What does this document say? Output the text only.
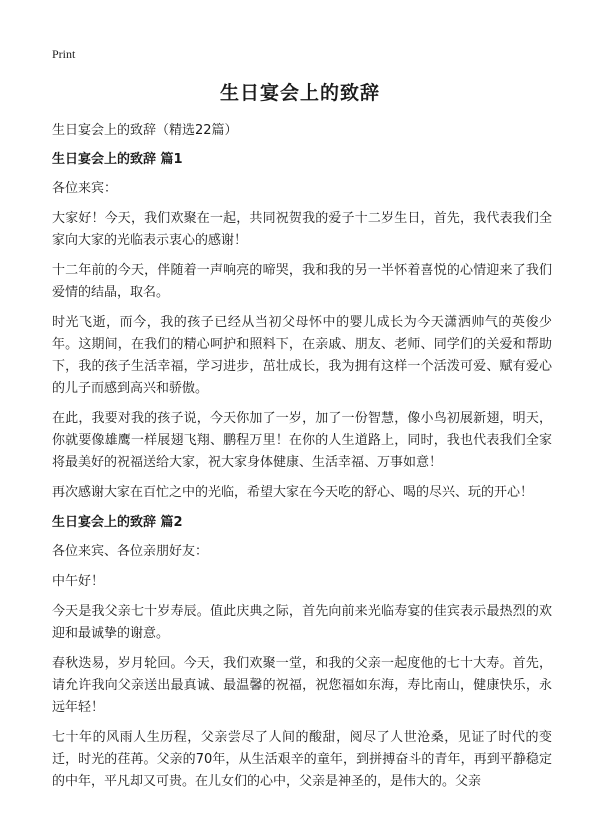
Print
生日宴会上的致辞

生日宴会上的致辞（精选22篇）

生日宴会上的致辞 篇1

各位来宾：

大家好！今天，我们欢聚在一起，共同祝贺我的爱子十二岁生日，首先，我代表我们全家向大家的光临表示衷心的感谢！

十二年前的今天，伴随着一声响亮的啼哭，我和我的另一半怀着喜悦的心情迎来了我们爱情的结晶，取名。

时光飞逝，而今，我的孩子已经从当初父母怀中的婴儿成长为今天潇洒帅气的英俊少年。这期间，在我们的精心呵护和照料下，在亲戚、朋友、老师、同学们的关爱和帮助下，我的孩子生活幸福，学习进步，茁壮成长，我为拥有这样一个活泼可爱、赋有爱心的儿子而感到高兴和骄傲。

在此，我要对我的孩子说，今天你加了一岁，加了一份智慧，像小鸟初展新翅，明天，你就要像雄鹰一样展翅飞翔、鹏程万里！在你的人生道路上，同时，我也代表我们全家将最美好的祝福送给大家，祝大家身体健康、生活幸福、万事如意！

再次感谢大家在百忙之中的光临，希望大家在今天吃的舒心、喝的尽兴、玩的开心！

生日宴会上的致辞 篇2

各位来宾、各位亲朋好友：

中午好！

今天是我父亲七十岁寿辰。值此庆典之际，首先向前来光临寿宴的佳宾表示最热烈的欢迎和最诚挚的谢意。

春秋迭易，岁月轮回。今天，我们欢聚一堂，和我的父亲一起度他的七十大寿。首先，请允许我向父亲送出最真诚、最温馨的祝福，祝您福如东海，寿比南山，健康快乐，永远年轻！

七十年的风雨人生历程，父亲尝尽了人间的酸甜，阅尽了人世沧桑，见证了时代的变迁，时光的荏苒。父亲的70年，从生活艰辛的童年，到拼搏奋斗的青年，再到平静稳定的中年，平凡却又可贵。在儿女们的心中，父亲是神圣的，是伟大的。父亲
